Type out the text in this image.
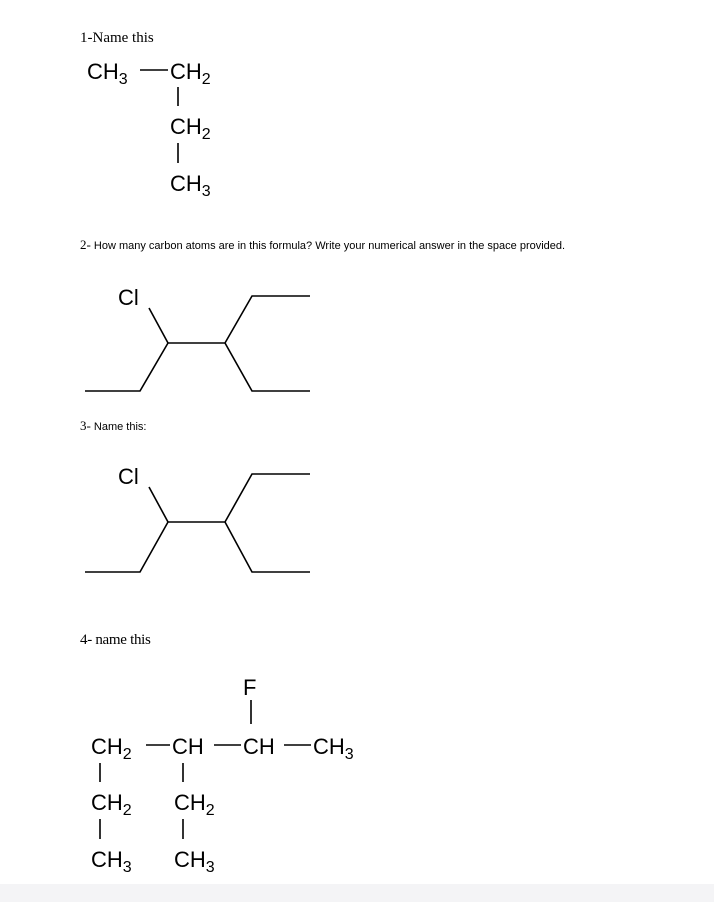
1-Name this
$CH_3$ $CH_2$
$CH_2$
$CH_3$
2- How many carbon atoms are in this formula? Write your numerical answer in the space provided.
Cl
3- Name this:
Cl
4- name this
F
$CH_2$ CH CH $CH_3$
$CH_2$
$CH_3$
$CH_2$
$CH_3$
